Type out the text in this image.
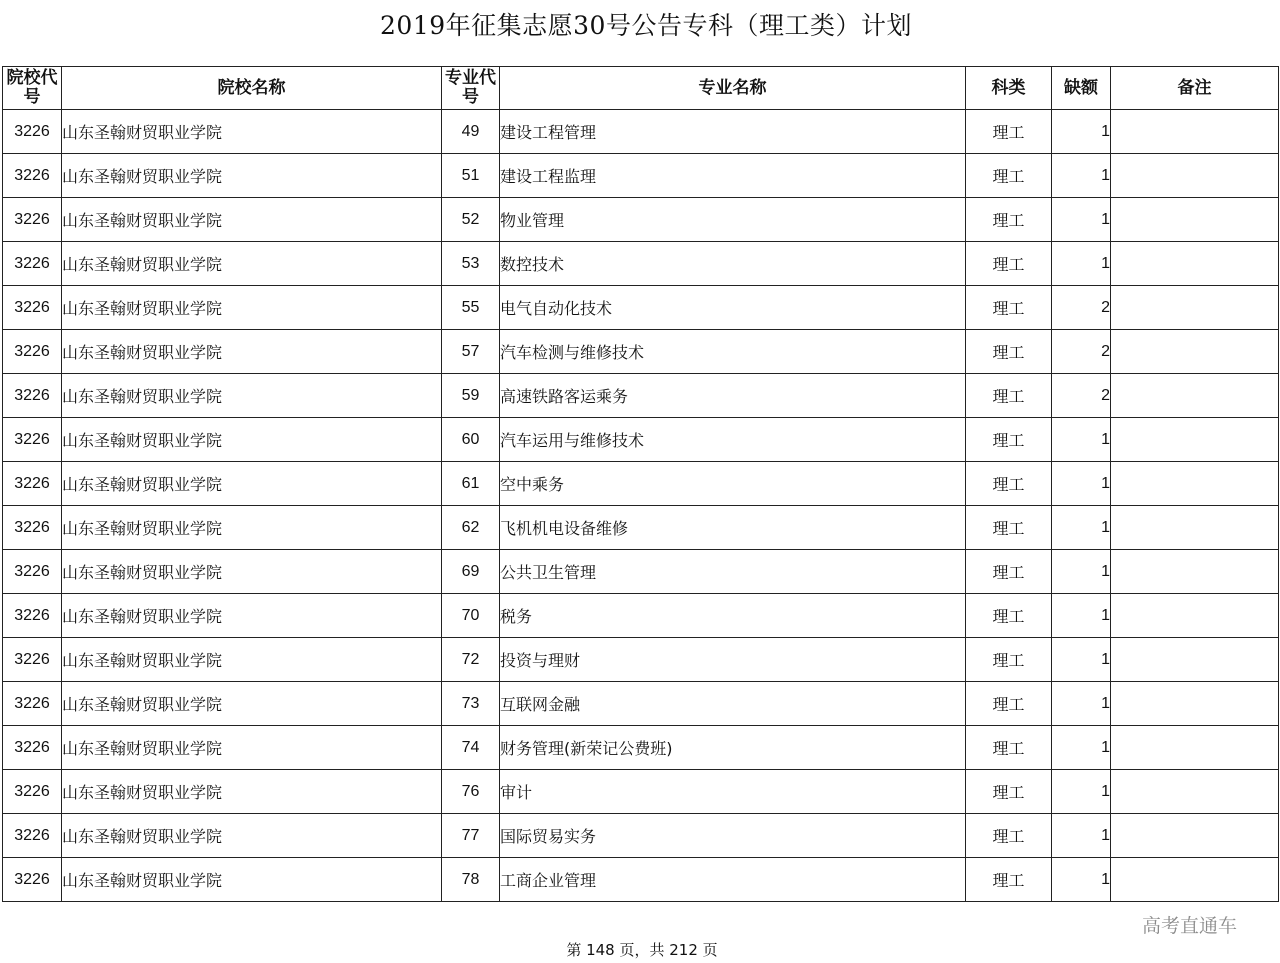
2019年征集志愿30号公告专科（理工类）计划
院校代号	院校名称	专业代号	专业名称	科类	缺额	备注
3226	山东圣翰财贸职业学院	49	建设工程管理	理工	1	
3226	山东圣翰财贸职业学院	51	建设工程监理	理工	1	
3226	山东圣翰财贸职业学院	52	物业管理	理工	1	
3226	山东圣翰财贸职业学院	53	数控技术	理工	1	
3226	山东圣翰财贸职业学院	55	电气自动化技术	理工	2	
3226	山东圣翰财贸职业学院	57	汽车检测与维修技术	理工	2	
3226	山东圣翰财贸职业学院	59	高速铁路客运乘务	理工	2	
3226	山东圣翰财贸职业学院	60	汽车运用与维修技术	理工	1	
3226	山东圣翰财贸职业学院	61	空中乘务	理工	1	
3226	山东圣翰财贸职业学院	62	飞机机电设备维修	理工	1	
3226	山东圣翰财贸职业学院	69	公共卫生管理	理工	1	
3226	山东圣翰财贸职业学院	70	税务	理工	1	
3226	山东圣翰财贸职业学院	72	投资与理财	理工	1	
3226	山东圣翰财贸职业学院	73	互联网金融	理工	1	
3226	山东圣翰财贸职业学院	74	财务管理(新荣记公费班)	理工	1	
3226	山东圣翰财贸职业学院	76	审计	理工	1	
3226	山东圣翰财贸职业学院	77	国际贸易实务	理工	1	
3226	山东圣翰财贸职业学院	78	工商企业管理	理工	1	
高考直通车
第 148 页，共 212 页
